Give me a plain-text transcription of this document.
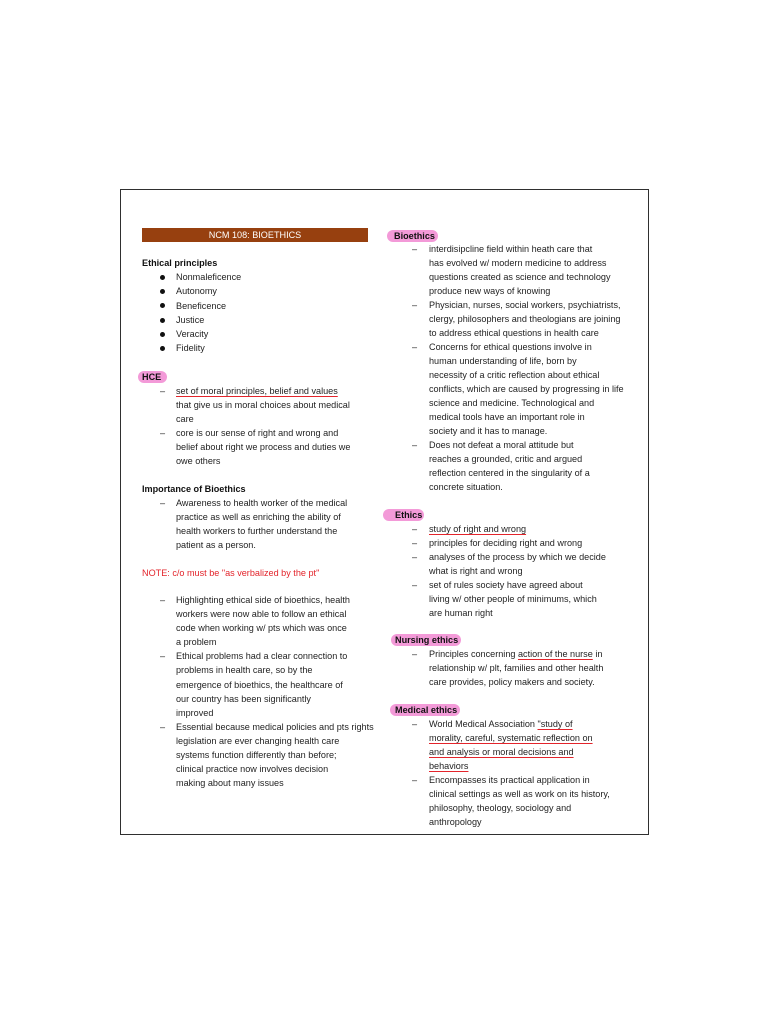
NCM 108: BIOETHICS
Ethical principles
Nonmaleficence
Autonomy
Beneficence
Justice
Veracity
Fidelity
HCE
– set of moral principles, belief and values
that give us in moral choices about medical
care
– core is our sense of right and wrong and
belief about right we process and duties we
owe others
Importance of Bioethics
– Awareness to health worker of the medical
practice as well as enriching the ability of
health workers to further understand the
patient as a person.
NOTE: c/o must be "as verbalized by the pt"
– Highlighting ethical side of bioethics, health
workers were now able to follow an ethical
code when working w/ pts which was once
a problem
– Ethical problems had a clear connection to
problems in health care, so by the
emergence of bioethics, the healthcare of
our country has been significantly
improved
– Essential because medical policies and pts rights
legislation are ever changing health care
systems function differently than before;
clinical practice now involves decision
making about many issues
Bioethics
– interdisipcline field within heath care that
has evolved w/ modern medicine to address
questions created as science and technology
produce new ways of knowing
– Physician, nurses, social workers, psychiatrists,
clergy, philosophers and theologians are joining
to address ethical questions in health care
– Concerns for ethical questions involve in
human understanding of life, born by
necessity of a critic reflection about ethical
conflicts, which are caused by progressing in life
science and medicine. Technological and
medical tools have an important role in
society and it has to manage.
– Does not defeat a moral attitude but
reaches a grounded, critic and argued
reflection centered in the singularity of a
concrete situation.
Ethics
– study of right and wrong
– principles for deciding right and wrong
– analyses of the process by which we decide
what is right and wrong
– set of rules society have agreed about
living w/ other people of minimums, which
are human right
Nursing ethics
– Principles concerning action of the nurse in
relationship w/ plt, families and other health
care provides, policy makers and society.
Medical ethics
– World Medical Association "study of
morality, careful, systematic reflection on
and analysis or moral decisions and
behaviors
– Encompasses its practical application in
clinical settings as well as work on its history,
philosophy, theology, sociology and
anthropology
